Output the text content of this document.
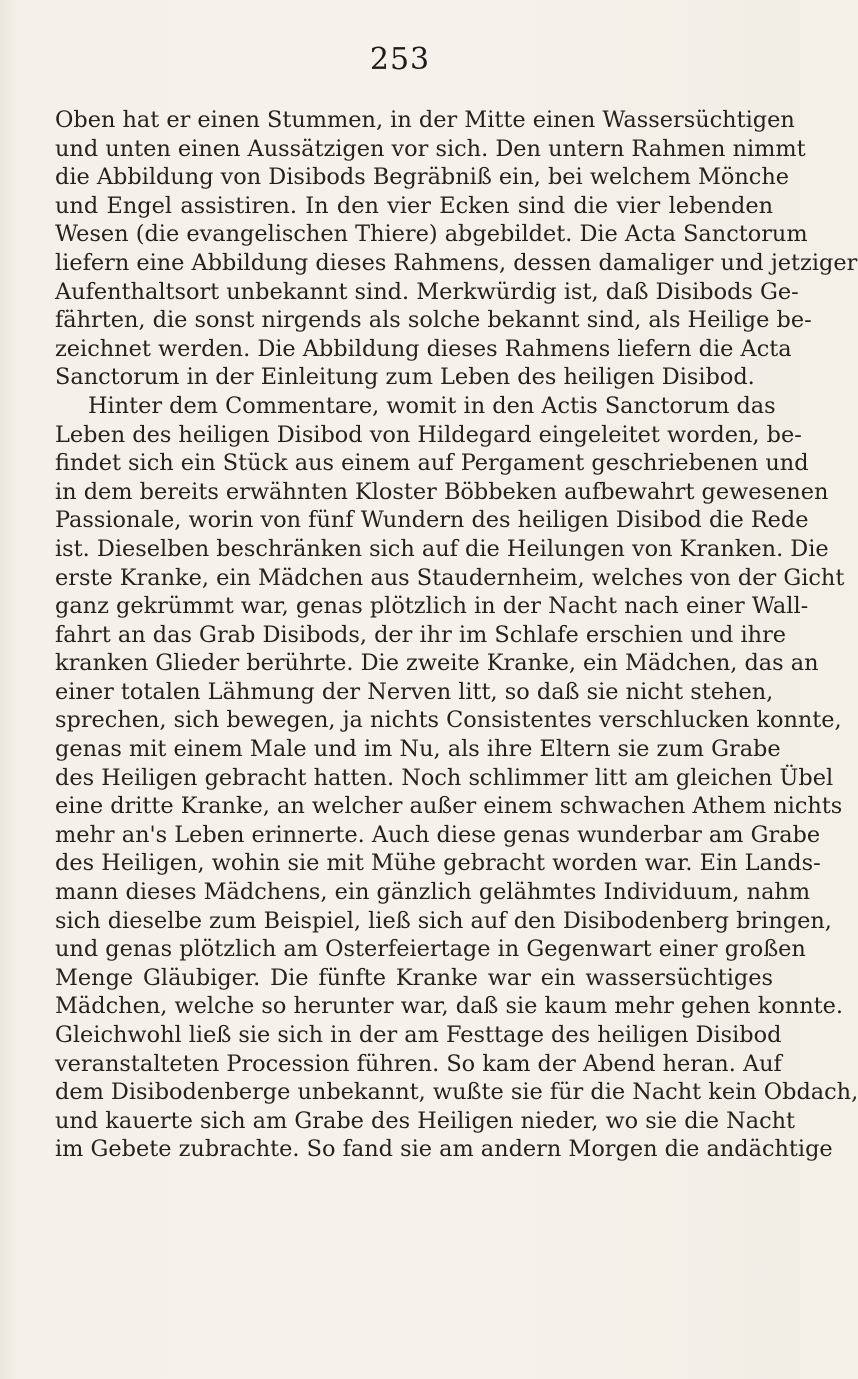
253
Oben hat er einen Stummen, in der Mitte einen Wassersüchtigen
und unten einen Aussätzigen vor sich. Den untern Rahmen nimmt
die Abbildung von Disibods Begräbniß ein, bei welchem Mönche
und Engel assistiren. In den vier Ecken sind die vier lebenden
Wesen (die evangelischen Thiere) abgebildet. Die Acta Sanctorum
liefern eine Abbildung dieses Rahmens, dessen damaliger und jetziger
Aufenthaltsort unbekannt sind. Merkwürdig ist, daß Disibods Ge-
fährten, die sonst nirgends als solche bekannt sind, als Heilige be-
zeichnet werden. Die Abbildung dieses Rahmens liefern die Acta
Sanctorum in der Einleitung zum Leben des heiligen Disibod.
Hinter dem Commentare, womit in den Actis Sanctorum das
Leben des heiligen Disibod von Hildegard eingeleitet worden, be-
findet sich ein Stück aus einem auf Pergament geschriebenen und
in dem bereits erwähnten Kloster Böbbeken aufbewahrt gewesenen
Passionale, worin von fünf Wundern des heiligen Disibod die Rede
ist. Dieselben beschränken sich auf die Heilungen von Kranken. Die
erste Kranke, ein Mädchen aus Staudernheim, welches von der Gicht
ganz gekrümmt war, genas plötzlich in der Nacht nach einer Wall-
fahrt an das Grab Disibods, der ihr im Schlafe erschien und ihre
kranken Glieder berührte. Die zweite Kranke, ein Mädchen, das an
einer totalen Lähmung der Nerven litt, so daß sie nicht stehen,
sprechen, sich bewegen, ja nichts Consistentes verschlucken konnte,
genas mit einem Male und im Nu, als ihre Eltern sie zum Grabe
des Heiligen gebracht hatten. Noch schlimmer litt am gleichen Übel
eine dritte Kranke, an welcher außer einem schwachen Athem nichts
mehr an's Leben erinnerte. Auch diese genas wunderbar am Grabe
des Heiligen, wohin sie mit Mühe gebracht worden war. Ein Lands-
mann dieses Mädchens, ein gänzlich gelähmtes Individuum, nahm
sich dieselbe zum Beispiel, ließ sich auf den Disibodenberg bringen,
und genas plötzlich am Osterfeiertage in Gegenwart einer großen
Menge Gläubiger. Die fünfte Kranke war ein wassersüchtiges
Mädchen, welche so herunter war, daß sie kaum mehr gehen konnte.
Gleichwohl ließ sie sich in der am Festtage des heiligen Disibod
veranstalteten Procession führen. So kam der Abend heran. Auf
dem Disibodenberge unbekannt, wußte sie für die Nacht kein Obdach,
und kauerte sich am Grabe des Heiligen nieder, wo sie die Nacht
im Gebete zubrachte. So fand sie am andern Morgen die andächtige
